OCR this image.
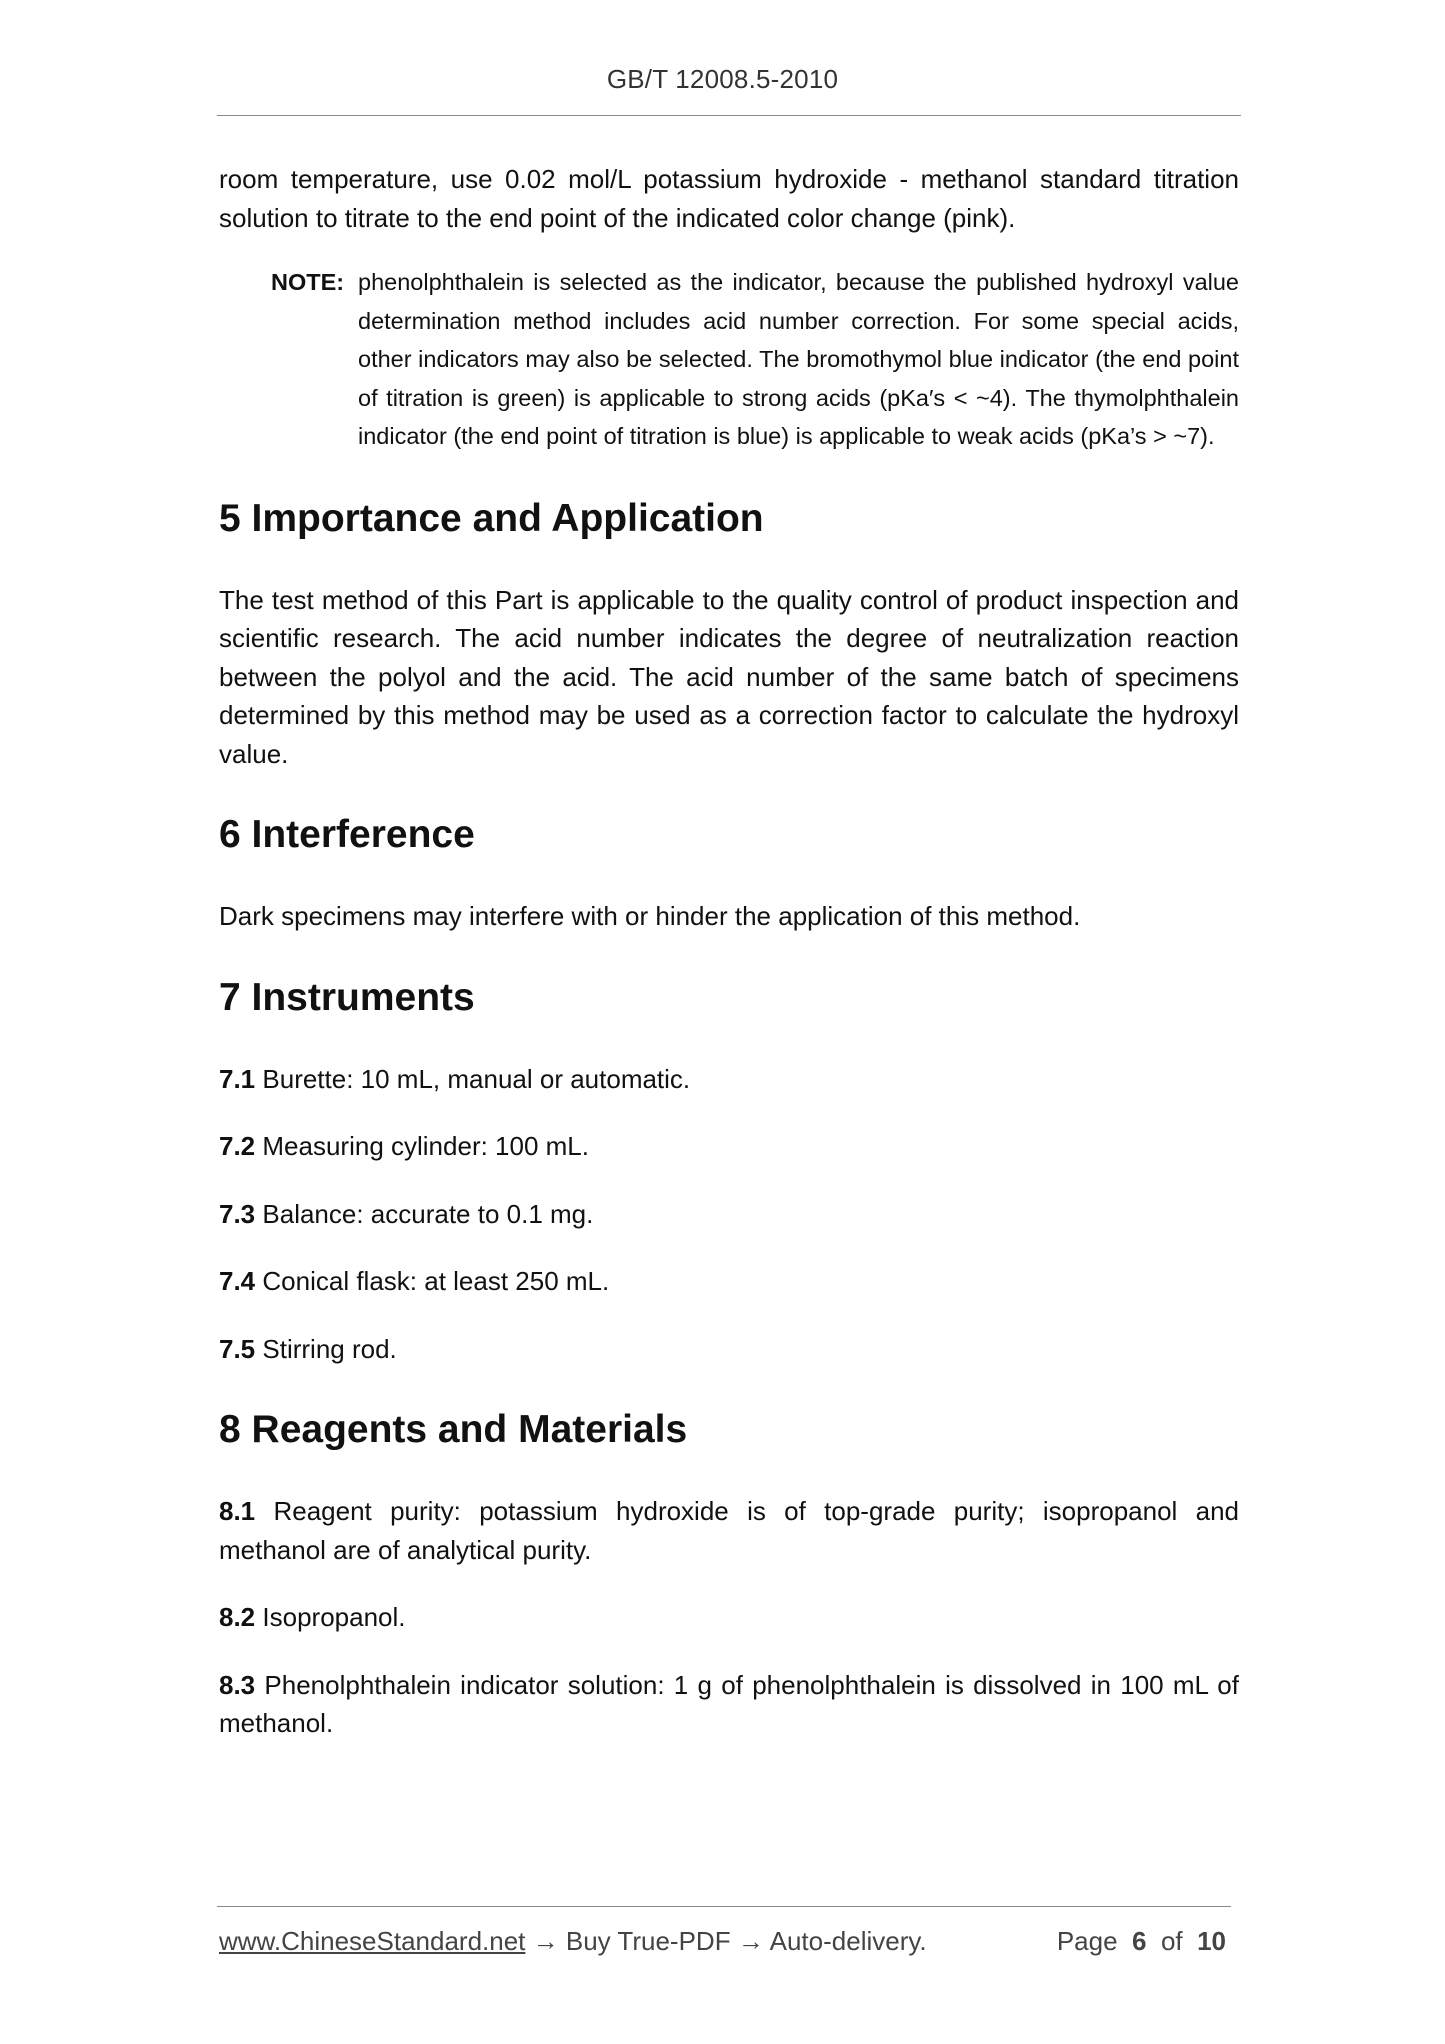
GB/T 12008.5-2010

room temperature, use 0.02 mol/L potassium hydroxide - methanol standard titration solution to titrate to the end point of the indicated color change (pink).

NOTE: phenolphthalein is selected as the indicator, because the published hydroxyl value determination method includes acid number correction. For some special acids, other indicators may also be selected. The bromothymol blue indicator (the end point of titration is green) is applicable to strong acids (pKa′s < ~4). The thymolphthalein indicator (the end point of titration is blue) is applicable to weak acids (pKa’s > ~7).
5 Importance and Application

The test method of this Part is applicable to the quality control of product inspection and scientific research. The acid number indicates the degree of neutralization reaction between the polyol and the acid. The acid number of the same batch of specimens determined by this method may be used as a correction factor to calculate the hydroxyl value.

6 Interference

Dark specimens may interfere with or hinder the application of this method.

7 Instruments

7.1 Burette: 10 mL, manual or automatic.

7.2 Measuring cylinder: 100 mL.

7.3 Balance: accurate to 0.1 mg.

7.4 Conical flask: at least 250 mL.

7.5 Stirring rod.

8 Reagents and Materials

8.1 Reagent purity: potassium hydroxide is of top-grade purity; isopropanol and methanol are of analytical purity.

8.2 Isopropanol.

8.3 Phenolphthalein indicator solution: 1 g of phenolphthalein is dissolved in 100 mL of methanol.

www.ChineseStandard.net → Buy True-PDF → Auto-delivery.	Page 6 of 10
